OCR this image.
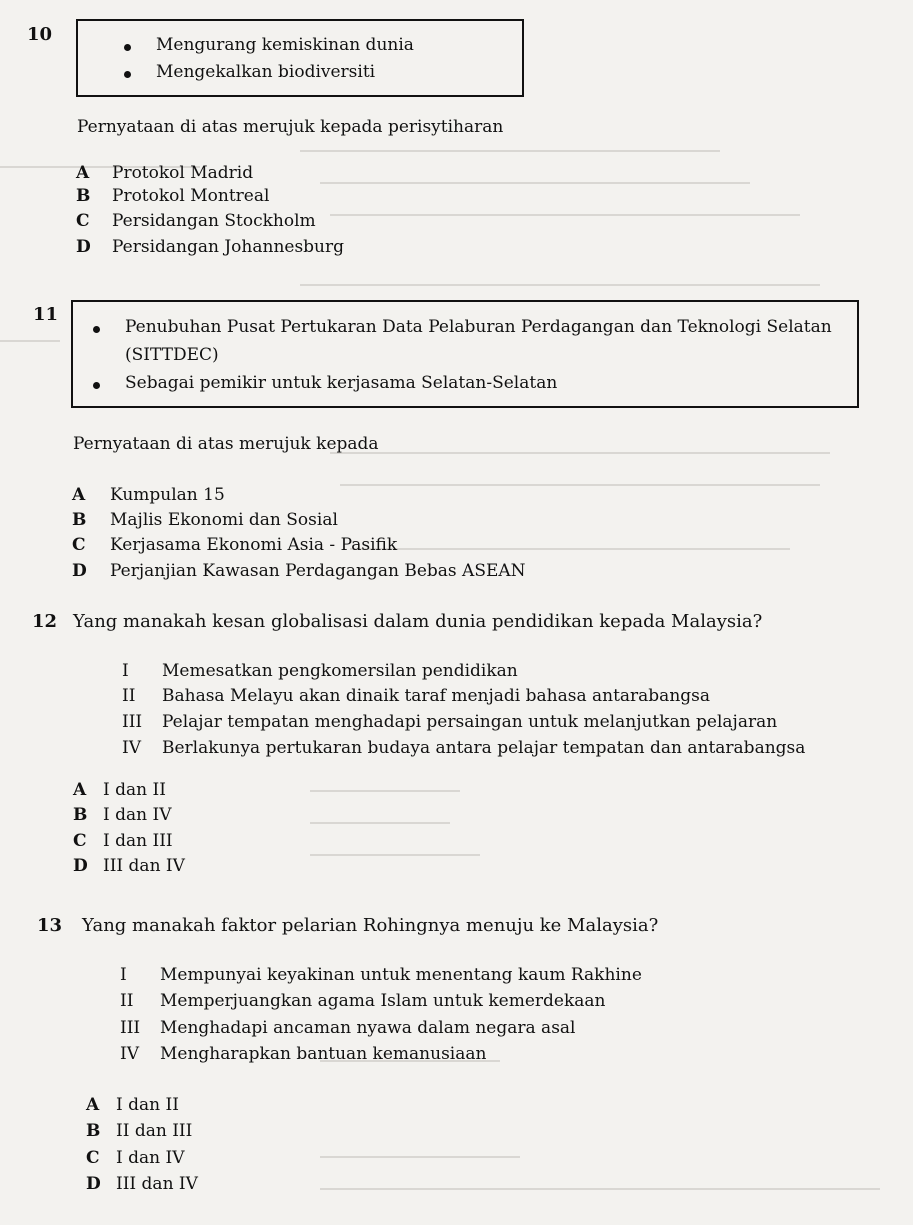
10	Mengurang kemiskinan dunia
Mengekalkan biodiversiti
Pernyataan di atas merujuk kepada perisytiharan
A Protokol Madrid
B Protokol Montreal
C Persidangan Stockholm
D Persidangan Johannesburg
11
Penubuhan Pusat Pertukaran Data Pelaburan Perdagangan dan Teknologi Selatan
(SITTDEC)
Sebagai pemikir untuk kerjasama Selatan-Selatan
Pernyataan di atas merujuk kepada
A Kumpulan 15
B Majlis Ekonomi dan Sosial
C Kerjasama Ekonomi Asia - Pasifik
D Perjanjian Kawasan Perdagangan Bebas ASEAN
12 Yang manakah kesan globalisasi dalam dunia pendidikan kepada Malaysia?
I Memesatkan pengkomersilan pendidikan
II Bahasa Melayu akan dinaik taraf menjadi bahasa antarabangsa
III Pelajar tempatan menghadapi persaingan untuk melanjutkan pelajaran
IV Berlakunya pertukaran budaya antara pelajar tempatan dan antarabangsa
A I dan II
B I dan IV
C I dan III
D III dan IV
13 Yang manakah faktor pelarian Rohingnya menuju ke Malaysia?
I Mempunyai keyakinan untuk menentang kaum Rakhine
II Memperjuangkan agama Islam untuk kemerdekaan
III Menghadapi ancaman nyawa dalam negara asal
IV Mengharapkan bantuan kemanusiaan
A I dan II
B II dan III
C I dan IV
D III dan IV
